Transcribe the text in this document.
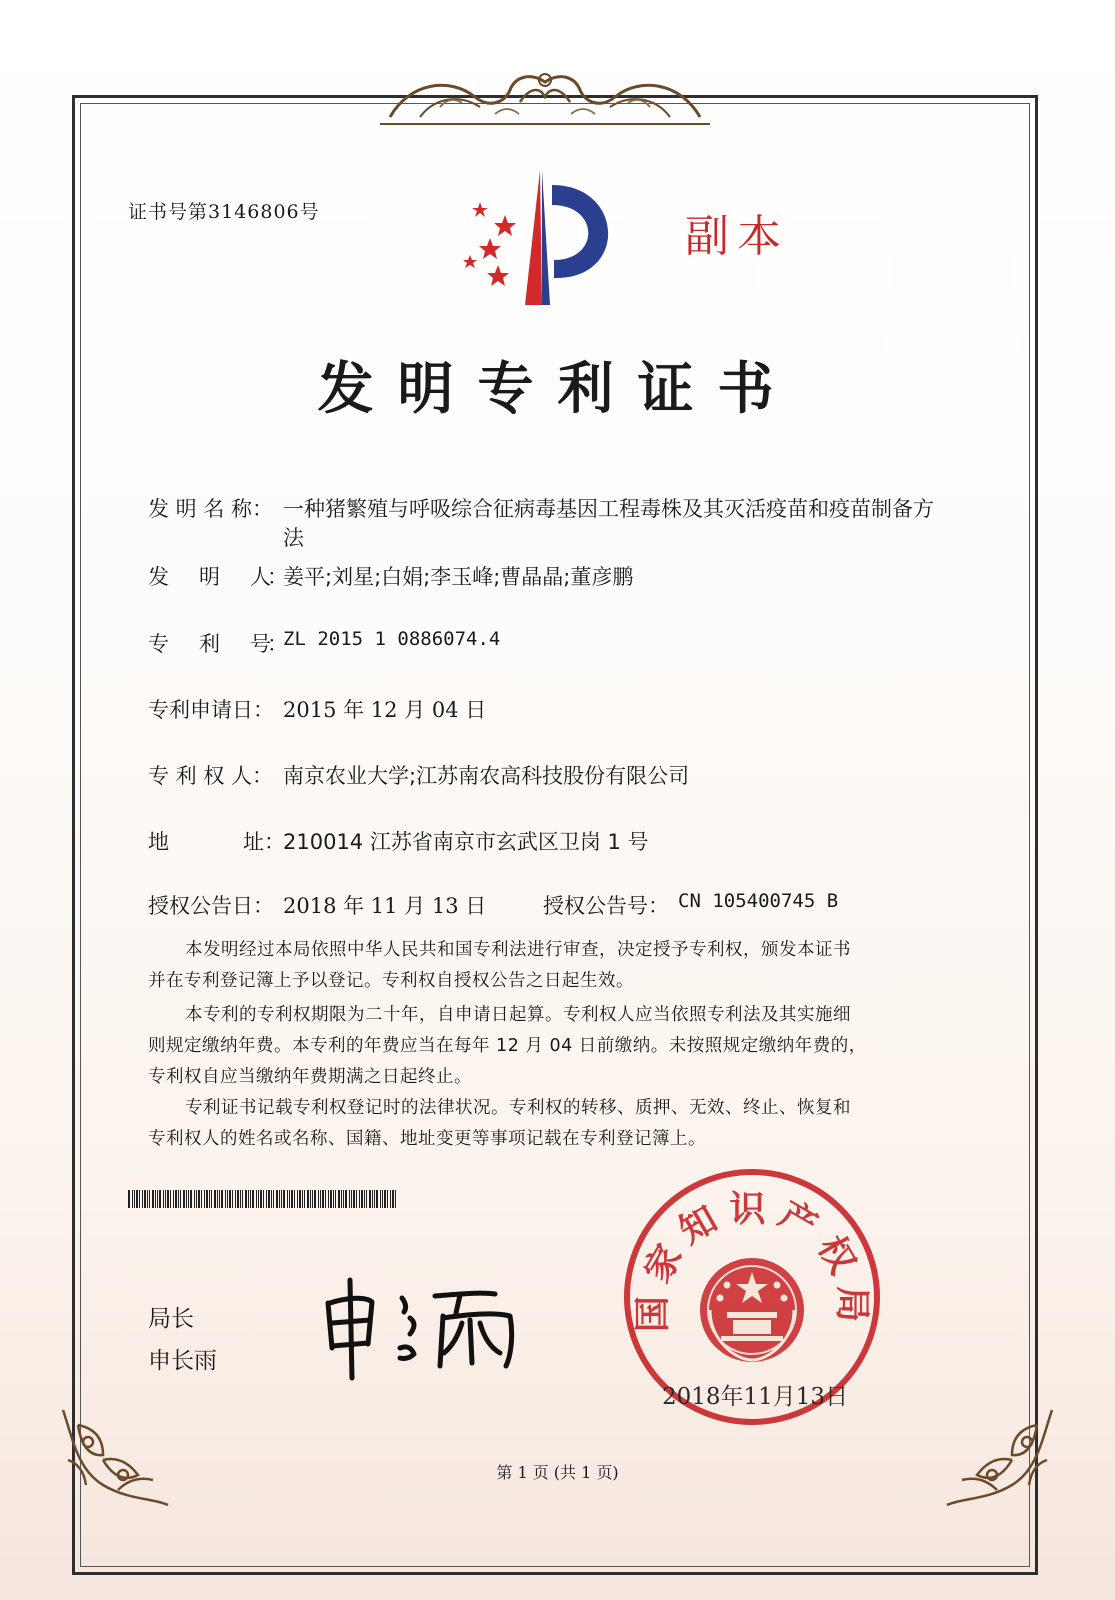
证书号第3146806号	副本
发明专利证书
发 明 名 称： 一种猪繁殖与呼吸综合征病毒基因工程毒株及其灭活疫苗和疫苗制备方
法
发　　明　　人： 姜平;刘星;白娟;李玉峰;曹晶晶;董彦鹏
专　　利　　号： ZL 2015 1 0886074.4
专利申请日： 2015 年 12 月 04 日
专 利 权 人： 南京农业大学;江苏南农高科技股份有限公司
地	址：
210014 江苏省南京市玄武区卫岗 1 号
授权公告日： 2018 年 11 月 13 日	授权公告号： CN 105400745 B
本发明经过本局依照中华人民共和国专利法进行审查，决定授予专利权，颁发本证书
并在专利登记簿上予以登记。专利权自授权公告之日起生效。
本专利的专利权期限为二十年，自申请日起算。专利权人应当依照专利法及其实施细
则规定缴纳年费。本专利的年费应当在每年 12 月 04 日前缴纳。未按照规定缴纳年费的，
专利权自应当缴纳年费期满之日起终止。
专利证书记载专利权登记时的法律状况。专利权的转移、质押、无效、终止、恢复和
专利权人的姓名或名称、国籍、地址变更等事项记载在专利登记簿上。
局长
申长雨
国家知识产权局
2018年11月13日
第 1 页 (共 1 页)
